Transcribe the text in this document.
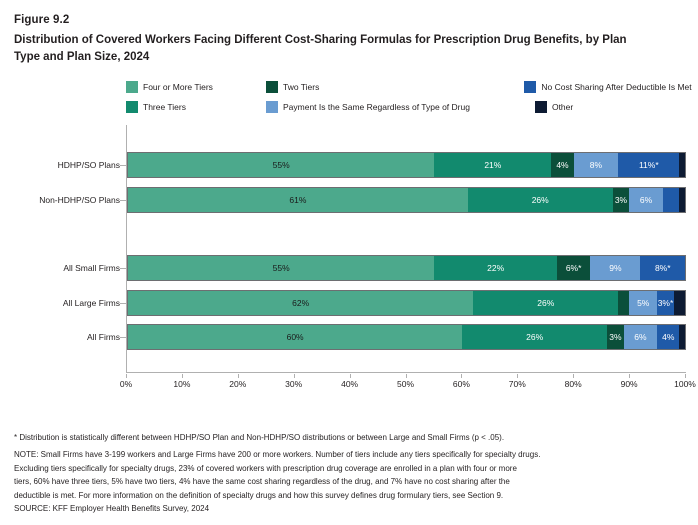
Figure 9.2
Distribution of Covered Workers Facing Different Cost-Sharing Formulas for Prescription Drug Benefits, by Plan Type and Plan Size, 2024
Four or More Tiers	Two Tiers	No Cost Sharing After Deductible Is Met
Three Tiers	Payment Is the Same Regardless of Type of Drug	Other
HDHP/SO Plans
Non-HDHP/SO Plans
All Small Firms
All Large Firms
All Firms
55%	21%	4% 8%	11%*
61%	26%	3% 6%
55%	22%	6%*	9%	8%*
62%	26%	5% 3%*
60%	26%	3% 6% 4%
0%	10%	20%	30%	40%	50%	60%	70%	80%	90%	100%

* Distribution is statistically different between HDHP/SO Plan and Non-HDHP/SO distributions or between Large and Small Firms (p < .05).

NOTE: Small Firms have 3-199 workers and Large Firms have 200 or more workers. Number of tiers include any tiers specifically for specialty drugs.

Excluding tiers specifically for specialty drugs, 23% of covered workers with prescription drug coverage are enrolled in a plan with four or more

tiers, 60% have three tiers, 5% have two tiers, 4% have the same cost sharing regardless of the drug, and 7% have no cost sharing after the

deductible is met. For more information on the definition of specialty drugs and how this survey defines drug formulary tiers, see Section 9.

SOURCE: KFF Employer Health Benefits Survey, 2024
